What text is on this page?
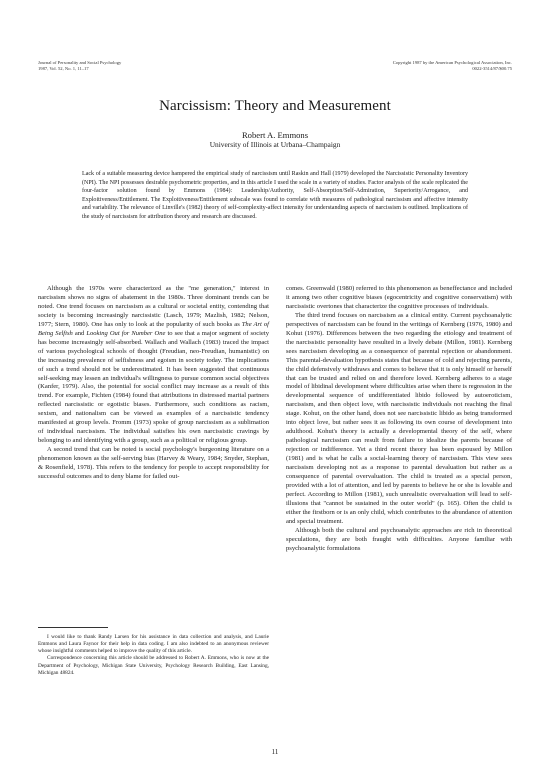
Journal of Personality and Social Psychology
1987, Vol. 52, No. 1, 11–17
Copyright 1987 by the American Psychological Association, Inc.
0022-3514/87/$00.75
Narcissism: Theory and Measurement
Robert A. Emmons
University of Illinois at Urbana–Champaign
Lack of a suitable measuring device hampered the empirical study of narcissism until Raskin and Hall (1979) developed the Narcissistic Personality Inventory (NPI). The NPI possesses desirable psychometric properties, and in this article I used the scale in a variety of studies. Factor analysis of the scale replicated the four-factor solution found by Emmons (1984): Leadership/Authority, Self-Absorption/Self-Admiration, Superiority/Arrogance, and Exploitiveness/Entitlement. The Exploitiveness/Entitlement subscale was found to correlate with measures of pathological narcissism and affective intensity and variability. The relevance of Linville's (1982) theory of self-complexity-affect intensity for understanding aspects of narcissism is outlined. Implications of the study of narcissism for attribution theory and research are discussed.

Although the 1970s were characterized as the "me generation," interest in narcissism shows no signs of abatement in the 1980s. Three dominant trends can be noted. One trend focuses on narcissism as a cultural or societal entity, contending that society is becoming increasingly narcissistic (Lasch, 1979; Mazlish, 1982; Nelson, 1977; Stern, 1980). One has only to look at the popularity of such books as The Art of Being Selfish and Looking Out for Number One to see that a major segment of society has become increasingly self-absorbed. Wallach and Wallach (1983) traced the impact of various psychological schools of thought (Freudian, neo-Freudian, humanistic) on the increasing prevalence of selfishness and egoism in society today. The implications of such a trend should not be underestimated. It has been suggested that continuous self-seeking may lessen an individual's willingness to pursue common social objectives (Kanfer, 1979). Also, the potential for social conflict may increase as a result of this trend. For example, Fichten (1984) found that attributions in distressed marital partners reflected narcissistic or egotistic biases. Furthermore, such conditions as racism, sexism, and nationalism can be viewed as examples of a narcissistic tendency manifested at group levels. Fromm (1973) spoke of group narcissism as a sublimation of individual narcissism. The individual satisfies his own narcissistic cravings by belonging to and identifying with a group, such as a political or religious group.

A second trend that can be noted is social psychology's burgeoning literature on a phenomenon known as the self-serving bias (Harvey & Weary, 1984; Snyder, Stephan, & Rosenfield, 1978). This refers to the tendency for people to accept responsibility for successful outcomes and to deny blame for failed out-

comes. Greenwald (1980) referred to this phenomenon as beneffectance and included it among two other cognitive biases (egocentricity and cognitive conservatism) with narcissistic overtones that characterize the cognitive processes of individuals.

The third trend focuses on narcissism as a clinical entity. Current psychoanalytic perspectives of narcissism can be found in the writings of Kernberg (1976, 1980) and Kohut (1976). Differences between the two regarding the etiology and treatment of the narcissistic personality have resulted in a lively debate (Millon, 1981). Kernberg sees narcissism developing as a consequence of parental rejection or abandonment. This parental-devaluation hypothesis states that because of cold and rejecting parents, the child defensively withdraws and comes to believe that it is only himself or herself that can be trusted and relied on and therefore loved. Kernberg adheres to a stage model of libidinal development where difficulties arise when there is regression in the developmental sequence of undifferentiated libido followed by autoeroticism, narcissism, and then object love, with narcissistic individuals not reaching the final stage. Kohut, on the other hand, does not see narcissistic libido as being transformed into object love, but rather sees it as following its own course of development into adulthood. Kohut's theory is actually a developmental theory of the self, where pathological narcissism can result from failure to idealize the parents because of rejection or indifference. Yet a third recent theory has been espoused by Millon (1981) and is what he calls a social-learning theory of narcissism. This view sees narcissism developing not as a response to parental devaluation but rather as a consequence of parental overvaluation. The child is treated as a special person, provided with a lot of attention, and led by parents to believe he or she is lovable and perfect. According to Millon (1981), such unrealistic overvaluation will lead to self-illusions that "cannot be sustained in the outer world" (p. 165). Often the child is either the firstborn or is an only child, which contributes to the abundance of attention and special treatment.

Although both the cultural and psychoanalytic approaches are rich in theoretical speculations, they are both fraught with difficulties. Anyone familiar with psychoanalytic formulations

I would like to thank Randy Larsen for his assistance in data collection and analysis, and Laurie Emmons and Laura Faynor for their help in data coding. I am also indebted to an anonymous reviewer whose insightful comments helped to improve the quality of this article.

Correspondence concerning this article should be addressed to Robert A. Emmons, who is now at the Department of Psychology, Michigan State University, Psychology Research Building, East Lansing, Michigan 48824.

11
